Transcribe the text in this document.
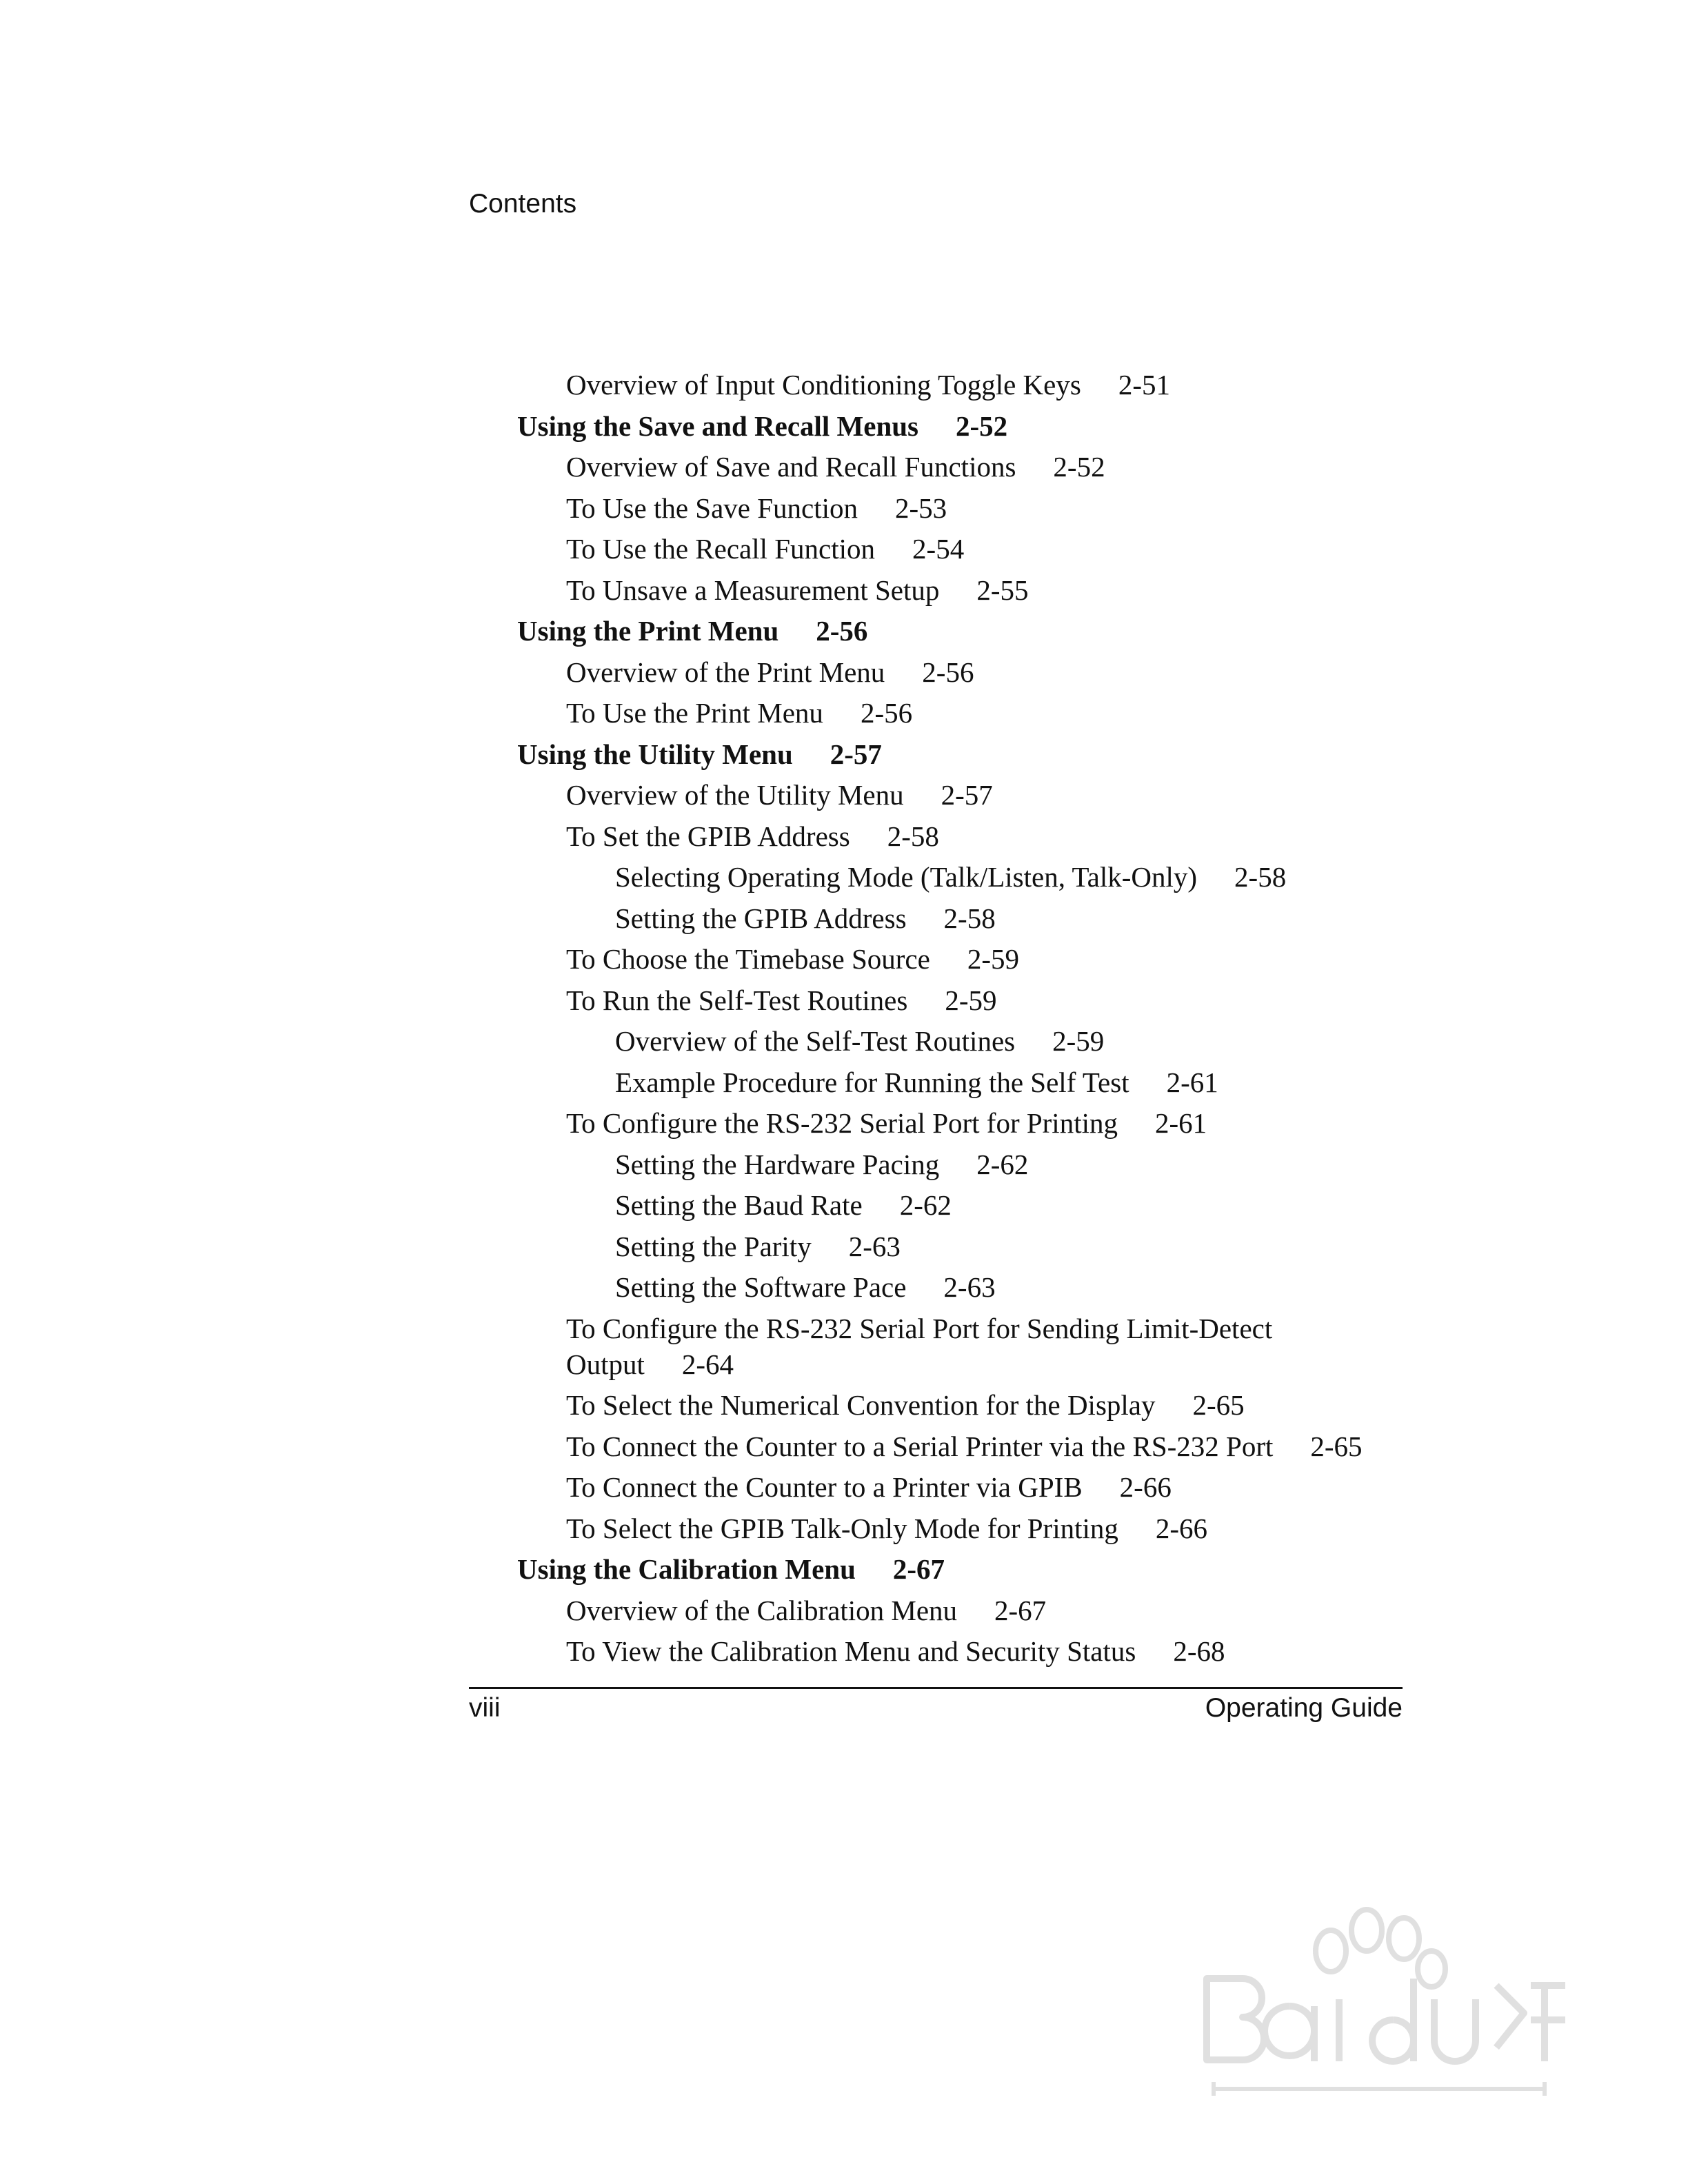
Contents
Overview of Input Conditioning Toggle Keys 2-51
Using the Save and Recall Menus 2-52
Overview of Save and Recall Functions 2-52
To Use the Save Function 2-53
To Use the Recall Function 2-54
To Unsave a Measurement Setup 2-55
Using the Print Menu 2-56
Overview of the Print Menu 2-56
To Use the Print Menu 2-56
Using the Utility Menu 2-57
Overview of the Utility Menu 2-57
To Set the GPIB Address 2-58
Selecting Operating Mode (Talk/Listen, Talk-Only) 2-58
Setting the GPIB Address 2-58
To Choose the Timebase Source 2-59
To Run the Self-Test Routines 2-59
Overview of the Self-Test Routines 2-59
Example Procedure for Running the Self Test 2-61
To Configure the RS-232 Serial Port for Printing 2-61
Setting the Hardware Pacing 2-62
Setting the Baud Rate 2-62
Setting the Parity 2-63
Setting the Software Pace 2-63
To Configure the RS-232 Serial Port for Sending Limit-Detect
Output 2-64
To Select the Numerical Convention for the Display 2-65
To Connect the Counter to a Serial Printer via the RS-232 Port 2-65
To Connect the Counter to a Printer via GPIB 2-66
To Select the GPIB Talk-Only Mode for Printing 2-66
Using the Calibration Menu 2-67
Overview of the Calibration Menu 2-67
To View the Calibration Menu and Security Status 2-68
viii	Operating Guide
